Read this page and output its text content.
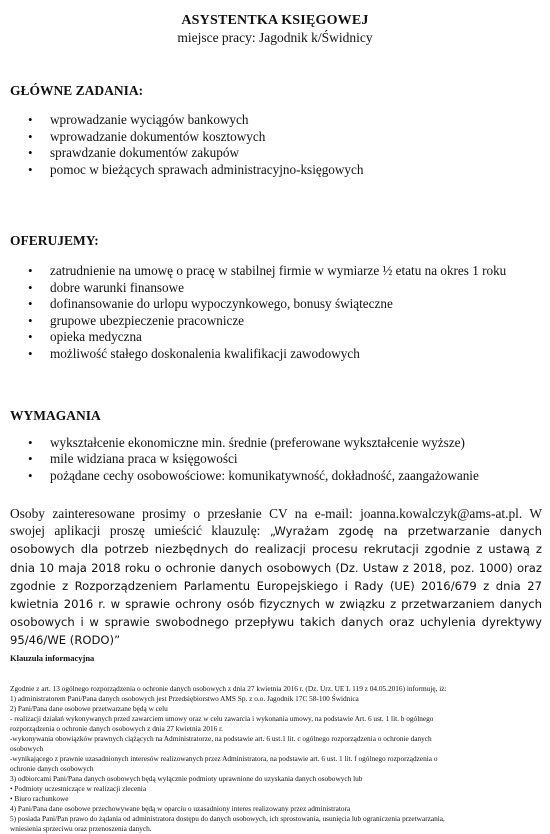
ASYSTENTKA KSIĘGOWEJ
miejsce pracy: Jagodnik k/Świdnicy
GŁÓWNE ZADANIA:
• wprowadzanie wyciągów bankowych
• wprowadzanie dokumentów kosztowych
• sprawdzanie dokumentów zakupów
• pomoc w bieżących sprawach administracyjno-księgowych
OFERUJEMY:
• zatrudnienie na umowę o pracę w stabilnej firmie w wymiarze ½ etatu na okres 1 roku
• dobre warunki finansowe
• dofinansowanie do urlopu wypoczynkowego, bonusy świąteczne
• grupowe ubezpieczenie pracownicze
• opieka medyczna
• możliwość stałego doskonalenia kwalifikacji zawodowych
WYMAGANIA
• wykształcenie ekonomiczne min. średnie (preferowane wykształcenie wyższe)
• mile widziana praca w księgowości
• pożądane cechy osobowościowe: komunikatywność, dokładność, zaangażowanie
Osoby zainteresowane prosimy o przesłanie CV na e-mail: joanna.kowalczyk@ams-at.pl. W swojej aplikacji proszę umieścić klauzulę: „Wyrażam zgodę na przetwarzanie danych osobowych dla potrzeb niezbędnych do realizacji procesu rekrutacji zgodnie z ustawą z dnia 10 maja 2018 roku o ochronie danych osobowych (Dz. Ustaw z 2018, poz. 1000) oraz zgodnie z Rozporządzeniem Parlamentu Europejskiego i Rady (UE) 2016/679 z dnia 27 kwietnia 2016 r. w sprawie ochrony osób fizycznych w związku z przetwarzaniem danych osobowych i w sprawie swobodnego przepływu takich danych oraz uchylenia dyrektywy 95/46/WE (RODO)”
Klauzula informacyjna
Zgodnie z art. 13 ogólnego rozporządzenia o ochronie danych osobowych z dnia 27 kwietnia 2016 r. (Dz. Urz. UE L 119 z 04.05.2016) informuję, iż:
1) administratorem Pani/Pana danych osobowych jest Przedsiębiorstwo AMS Sp. z o.o. Jagodnik 17C 58-100 Świdnica
2) Pani/Pana dane osobowe przetwarzane będą w celu
- realizacji działań wykonywanych przed zawarciem umowy oraz w celu zawarcia i wykonania umowy, na podstawie Art. 6 ust. 1 lit. b ogólnego
rozporządzenia o ochronie danych osobowych z dnia 27 kwietnia 2016 r.
-wykonywania obowiązków prawnych ciążących na Administratorze, na podstawie art. 6 ust.1 lit. c ogólnego rozporządzenia o ochronie danych
osobowych
-wynikającego z prawnie uzasadnionych interesów realizowanych przez Administratora, na podstawie art. 6 ust. 1 lit. f ogólnego rozporządzenia o
ochronie danych osobowych
3) odbiorcami Pani/Pana danych osobowych będą wyłącznie podmioty uprawnione do uzyskania danych osobowych lub
• Podmioty uczestniczące w realizacji zlecenia
• Biuro rachunkowe
4) Pani/Pana dane osobowe przechowywane będą w oparciu o uzasadniony interes realizowany przez administratora
5) posiada Pani/Pan prawo do żądania od administratora dostępu do danych osobowych, ich sprostowania, usunięcia lub ograniczenia przetwarzania,
wniesienia sprzeciwu oraz przenoszenia danych.
